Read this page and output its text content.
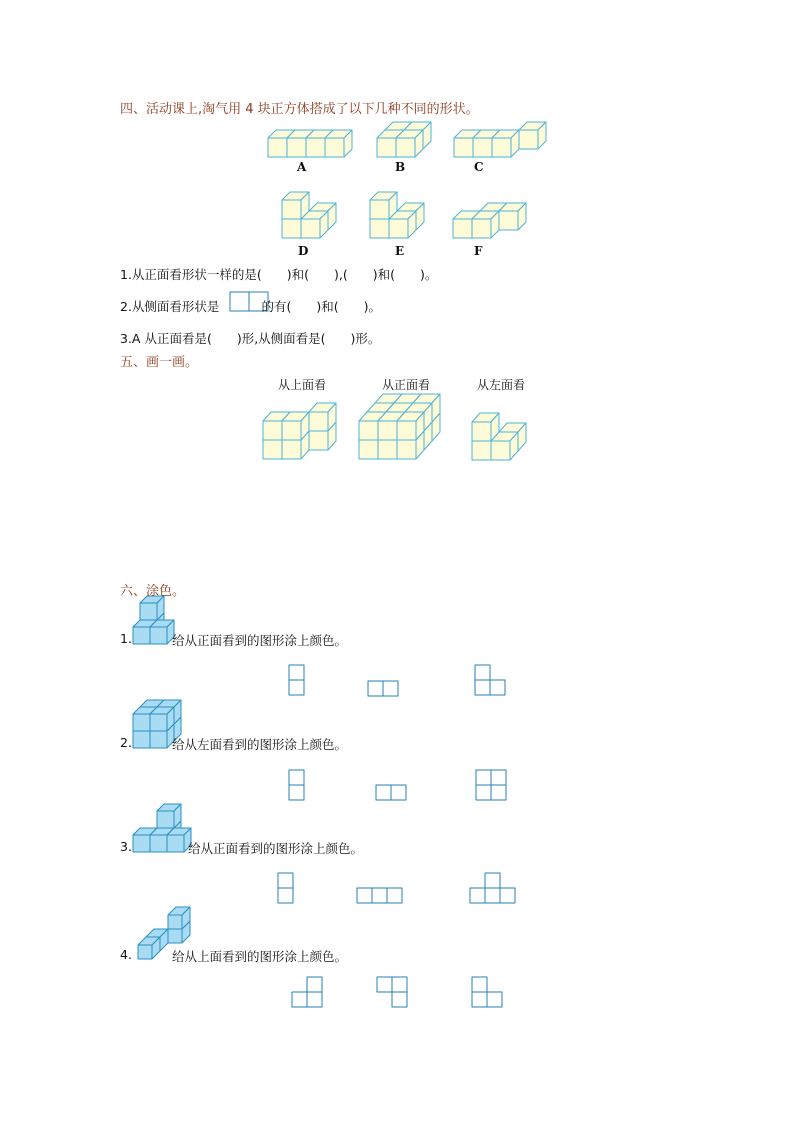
四、活动课上,淘气用 4 块正方体搭成了以下几种不同的形状。
A	B	C
D	E	F
1.从正面看形状一样的是(　　)和(　　),(　　)和(　　)。
2.从侧面看形状是	的有(　　)和(　　)。
3.A 从正面看是(　　)形,从侧面看是(　　)形。
五、画一画。
从上面看	从正面看	从左面看
六、涂色。
1.	给从正面看到的图形涂上颜色。
2.	给从左面看到的图形涂上颜色。
3.	给从正面看到的图形涂上颜色。
4.	给从上面看到的图形涂上颜色。
